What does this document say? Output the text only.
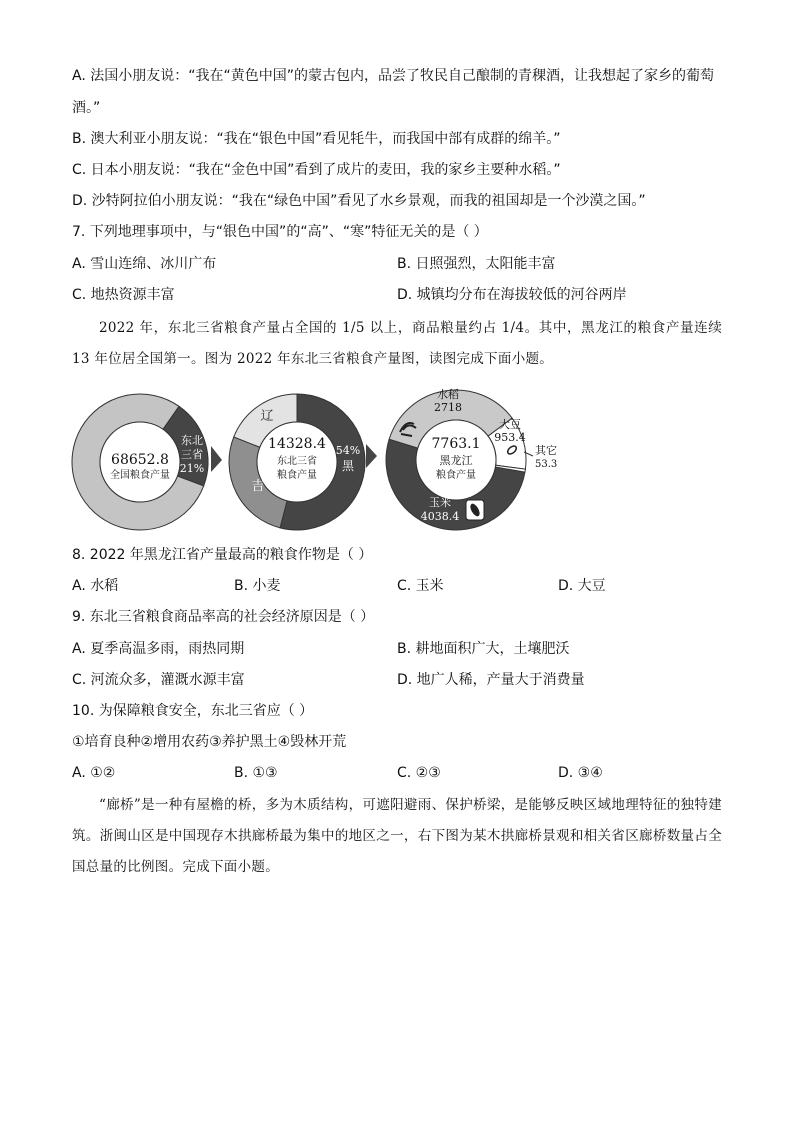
A. 法国小朋友说：“我在“黄色中国”的蒙古包内，品尝了牧民自己酿制的青稞酒，让我想起了家乡的葡萄
酒。”
B. 澳大利亚小朋友说：“我在“银色中国”看见牦牛，而我国中部有成群的绵羊。”
C. 日本小朋友说：“我在“金色中国”看到了成片的麦田，我的家乡主要种水稻。”
D. 沙特阿拉伯小朋友说：“我在“绿色中国”看见了水乡景观，而我的祖国却是一个沙漠之国。”
7. 下列地理事项中，与“银色中国”的“高”、“寒”特征无关的是（ ）
A. 雪山连绵、冰川广布	B. 日照强烈，太阳能丰富
C. 地热资源丰富	D. 城镇均分布在海拔较低的河谷两岸
2022 年，东北三省粮食产量占全国的 1/5 以上，商品粮量约占 1/4。其中，黑龙江的粮食产量连续 13 年位居全国第一。图为 2022 年东北三省粮食产量图，读图完成下面小题。
68652.8
全国粮食产量
东北
三省
21%
14328.4
东北三省
粮食产量
54%
黑
吉
辽
7763.1
黑龙江
粮食产量
玉米
4038.4
水稻
2718
大豆
953.4
其它
53.3
8. 2022 年黑龙江省产量最高的粮食作物是（ ）
A. 水稻	B. 小麦	C. 玉米	D. 大豆
9. 东北三省粮食商品率高的社会经济原因是（ ）
A. 夏季高温多雨，雨热同期	B. 耕地面积广大，土壤肥沃
C. 河流众多，灌溉水源丰富	D. 地广人稀，产量大于消费量
10. 为保障粮食安全，东北三省应（ ）
①培育良种②增用农药③养护黑土④毁林开荒
A. ①②	B. ①③	C. ②③	D. ③④
“廊桥”是一种有屋檐的桥，多为木质结构，可遮阳避雨、保护桥梁，是能够反映区域地理特征的独特建筑。浙闽山区是中国现存木拱廊桥最为集中的地区之一，右下图为某木拱廊桥景观和相关省区廊桥数量占全国总量的比例图。完成下面小题。
